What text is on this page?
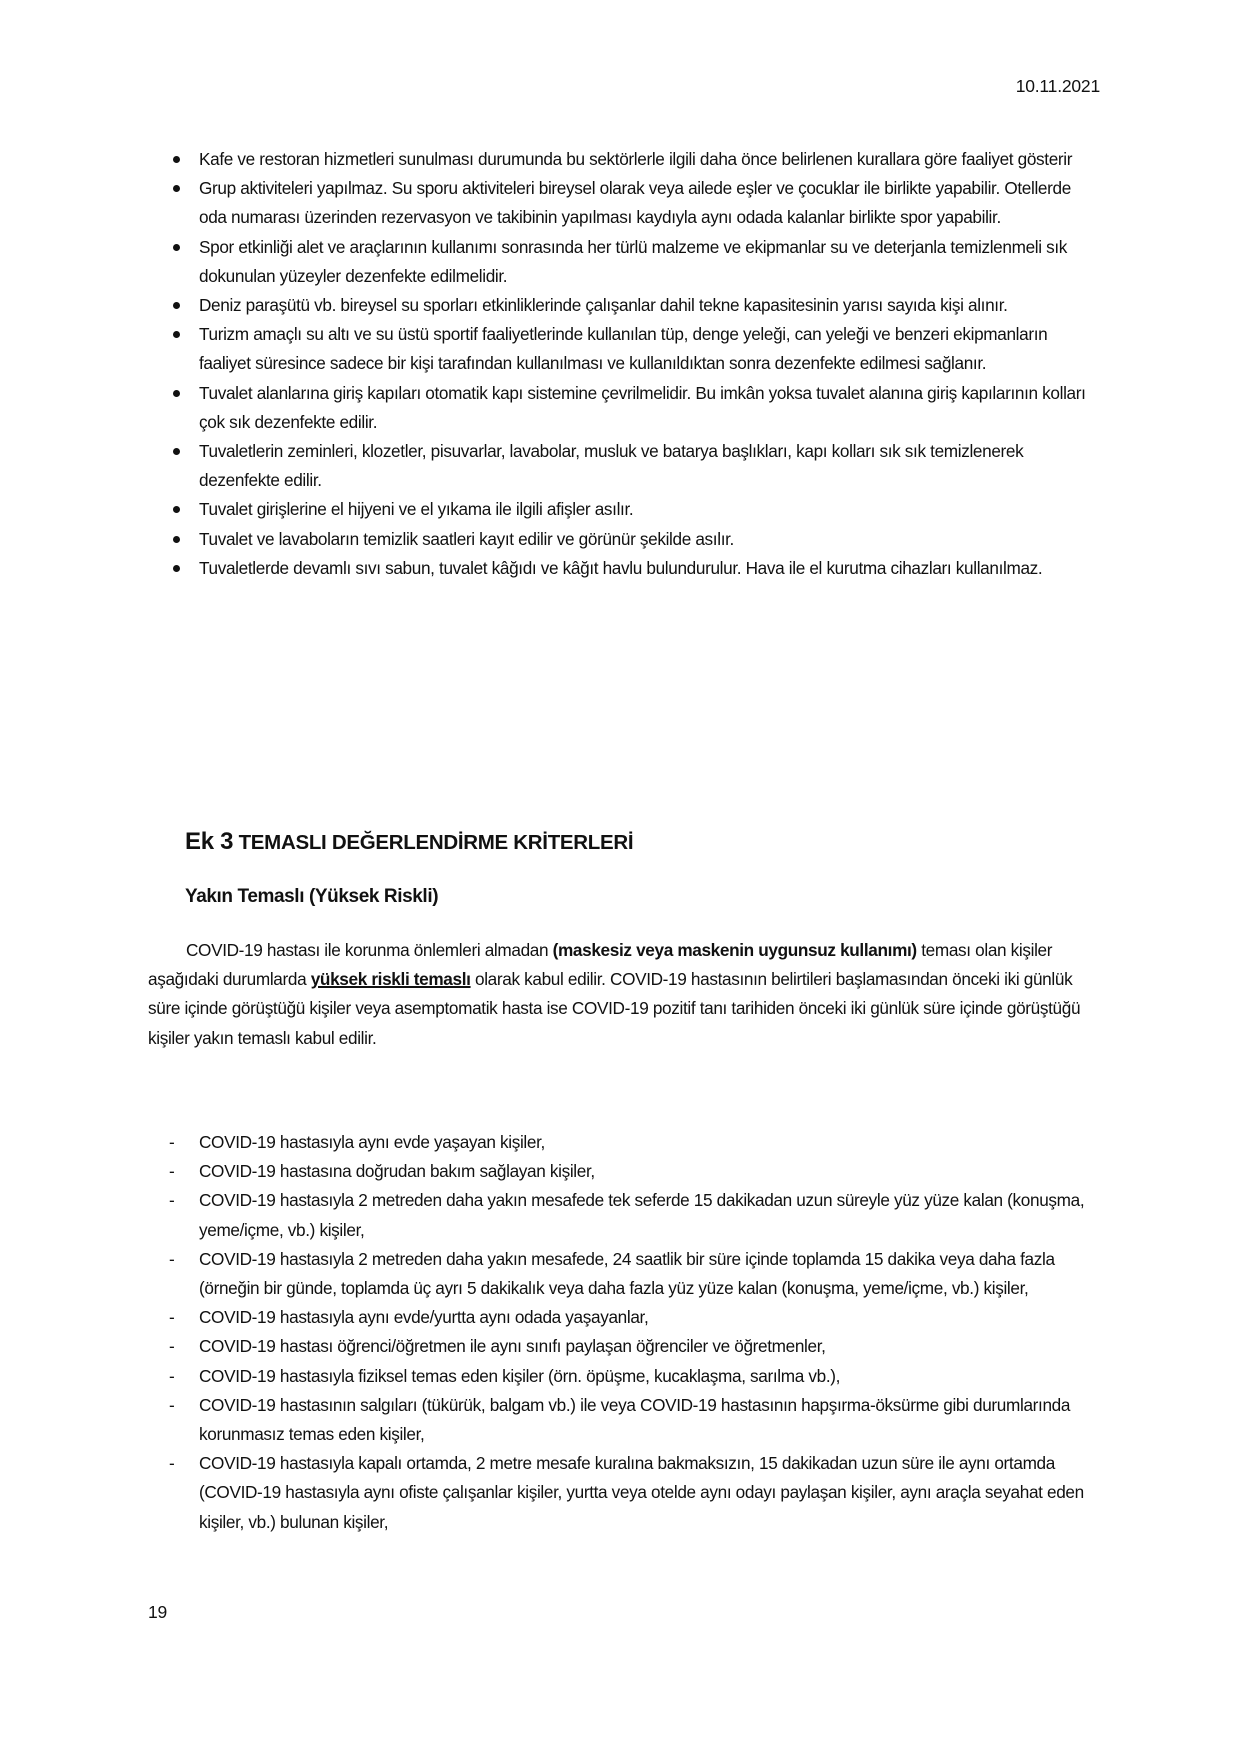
10.11.2021
Kafe ve restoran hizmetleri sunulması durumunda bu sektörlerle ilgili daha önce belirlenen kurallara göre faaliyet gösterir
Grup aktiviteleri yapılmaz. Su sporu aktiviteleri bireysel olarak veya ailede eşler ve çocuklar ile birlikte yapabilir. Otellerde oda numarası üzerinden rezervasyon ve takibinin yapılması kaydıyla aynı odada kalanlar birlikte spor yapabilir.
Spor etkinliği alet ve araçlarının kullanımı sonrasında her türlü malzeme ve ekipmanlar su ve deterjanla temizlenmeli sık dokunulan yüzeyler dezenfekte edilmelidir.
Deniz paraşütü vb. bireysel su sporları etkinliklerinde çalışanlar dahil tekne kapasitesinin yarısı sayıda kişi alınır.
Turizm amaçlı su altı ve su üstü sportif faaliyetlerinde kullanılan tüp, denge yeleği, can yeleği ve benzeri ekipmanların faaliyet süresince sadece bir kişi tarafından kullanılması ve kullanıldıktan sonra dezenfekte edilmesi sağlanır.
Tuvalet alanlarına giriş kapıları otomatik kapı sistemine çevrilmelidir. Bu imkân yoksa tuvalet alanına giriş kapılarının kolları çok sık dezenfekte edilir.
Tuvaletlerin zeminleri, klozetler, pisuvarlar, lavabolar, musluk ve batarya başlıkları, kapı kolları sık sık temizlenerek dezenfekte edilir.
Tuvalet girişlerine el hijyeni ve el yıkama ile ilgili afişler asılır.
Tuvalet ve lavaboların temizlik saatleri kayıt edilir ve görünür şekilde asılır.
Tuvaletlerde devamlı sıvı sabun, tuvalet kâğıdı ve kâğıt havlu bulundurulur. Hava ile el kurutma cihazları kullanılmaz.
Ek 3 TEMASLI DEĞERLENDİRME KRİTERLERİ
Yakın Temaslı (Yüksek Riskli)

COVID-19 hastası ile korunma önlemleri almadan (maskesiz veya maskenin uygunsuz kullanımı) teması olan kişiler aşağıdaki durumlarda yüksek riskli temaslı olarak kabul edilir. COVID-19 hastasının belirtileri başlamasından önceki iki günlük süre içinde görüştüğü kişiler veya asemptomatik hasta ise COVID-19 pozitif tanı tarihiden önceki iki günlük süre içinde görüştüğü kişiler yakın temaslı kabul edilir.

- COVID-19 hastasıyla aynı evde yaşayan kişiler,
- COVID-19 hastasına doğrudan bakım sağlayan kişiler,
- COVID-19 hastasıyla 2 metreden daha yakın mesafede tek seferde 15 dakikadan uzun süreyle yüz yüze kalan (konuşma, yeme/içme, vb.) kişiler,
- COVID-19 hastasıyla 2 metreden daha yakın mesafede, 24 saatlik bir süre içinde toplamda 15 dakika veya daha fazla (örneğin bir günde, toplamda üç ayrı 5 dakikalık veya daha fazla yüz yüze kalan (konuşma, yeme/içme, vb.) kişiler,
- COVID-19 hastasıyla aynı evde/yurtta aynı odada yaşayanlar,
- COVID-19 hastası öğrenci/öğretmen ile aynı sınıfı paylaşan öğrenciler ve öğretmenler,
- COVID-19 hastasıyla fiziksel temas eden kişiler (örn. öpüşme, kucaklaşma, sarılma vb.),
- COVID-19 hastasının salgıları (tükürük, balgam vb.) ile veya COVID-19 hastasının hapşırma-öksürme gibi durumlarında korunmasız temas eden kişiler,
- COVID-19 hastasıyla kapalı ortamda, 2 metre mesafe kuralına bakmaksızın, 15 dakikadan uzun süre ile aynı ortamda (COVID-19 hastasıyla aynı ofiste çalışanlar kişiler, yurtta veya otelde aynı odayı paylaşan kişiler, aynı araçla seyahat eden kişiler, vb.) bulunan kişiler,
19
